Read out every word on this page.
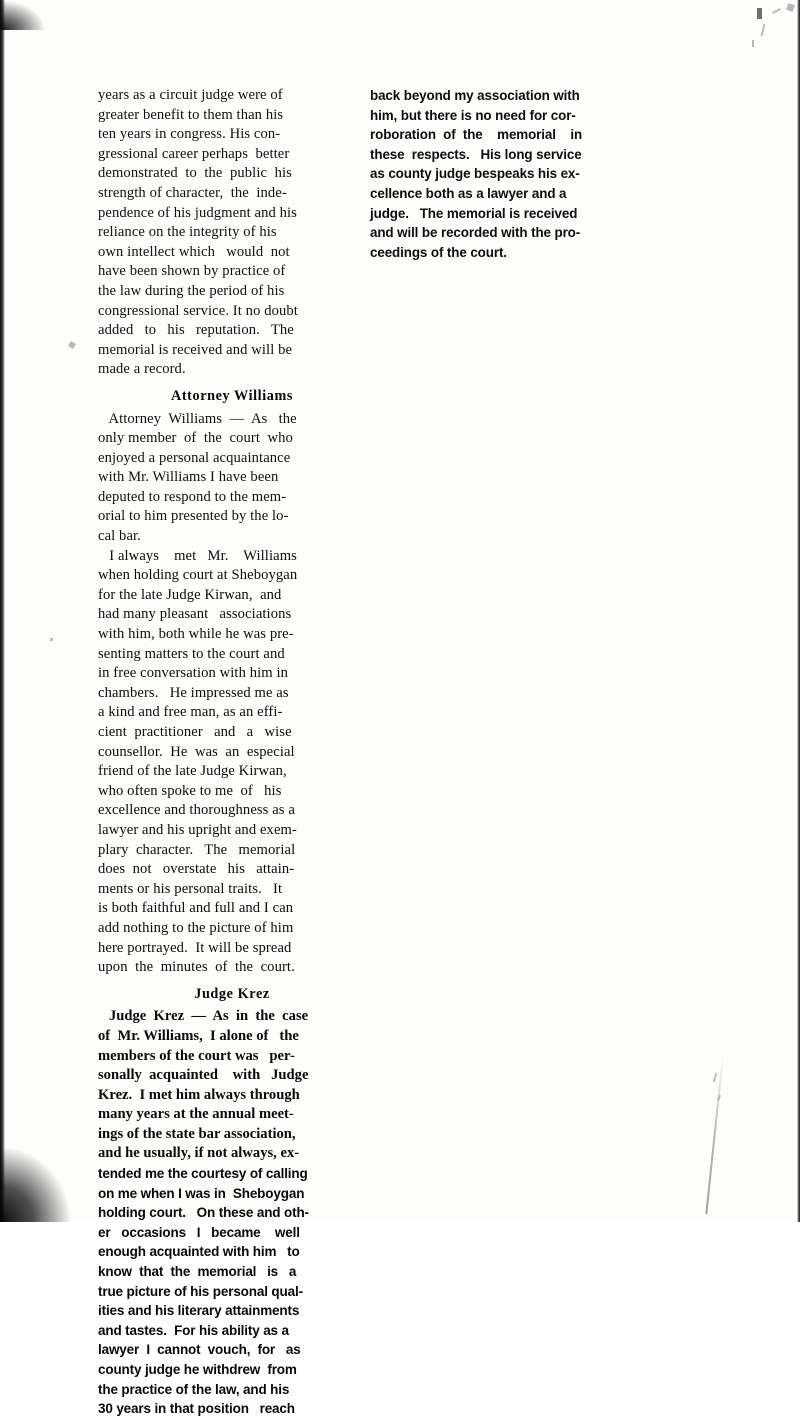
years as a circuit judge were of
greater benefit to them than his
ten years in congress. His con-
gressional career perhaps  better
demonstrated  to  the  public  his
strength of character,  the  inde-
pendence of his judgment and his
reliance on the integrity of his
own intellect which   would  not
have been shown by practice of
the law during the period of his
congressional service. It no doubt
added   to   his   reputation.   The
memorial is received and will be
made a record.
Attorney Williams
Attorney  Williams  —  As   the
only member  of  the  court  who
enjoyed a personal acquaintance
with Mr. Williams I have been
deputed to respond to the mem-
orial to him presented by the lo-
cal bar.
I always    met   Mr.    Williams
when holding court at Sheboygan
for the late Judge Kirwan,  and
had many pleasant   associations
with him, both while he was pre-
senting matters to the court and
in free conversation with him in
chambers.   He impressed me as
a kind and free man, as an effi-
cient  practitioner   and   a   wise
counsellor.  He  was  an  especial
friend of the late Judge Kirwan,
who often spoke to me  of   his
excellence and thoroughness as a
lawyer and his upright and exem-
plary  character.   The   memorial
does  not   overstate   his   attain-
ments or his personal traits.   It
is both faithful and full and I can
add nothing to the picture of him
here portrayed.  It will be spread
upon  the  minutes  of  the  court.
Judge Krez
Judge  Krez  —  As  in  the  case
of  Mr. Williams,  I alone of   the
members of the court was   per-
sonally  acquainted    with   Judge
Krez.  I met him always through
many years at the annual meet-
ings of the state bar association,
and he usually, if not always, ex-
tended me the courtesy of calling
on me when I was in  Sheboygan
holding court.   On these and oth-
er   occasions   I   became    well
enough acquainted with him   to
know  that  the  memorial   is   a
true picture of his personal qual-
ities and his literary attainments
and tastes.  For his ability as a
lawyer  I  cannot  vouch,  for   as
county judge he withdrew  from
the practice of the law, and his
30 years in that position   reach
back beyond my association with
him, but there is no need for cor-
roboration  of  the    memorial    in
these  respects.   His long service
as county judge bespeaks his ex-
cellence both as a lawyer and a
judge.   The memorial is received
and will be recorded with the pro-
ceedings of the court.
